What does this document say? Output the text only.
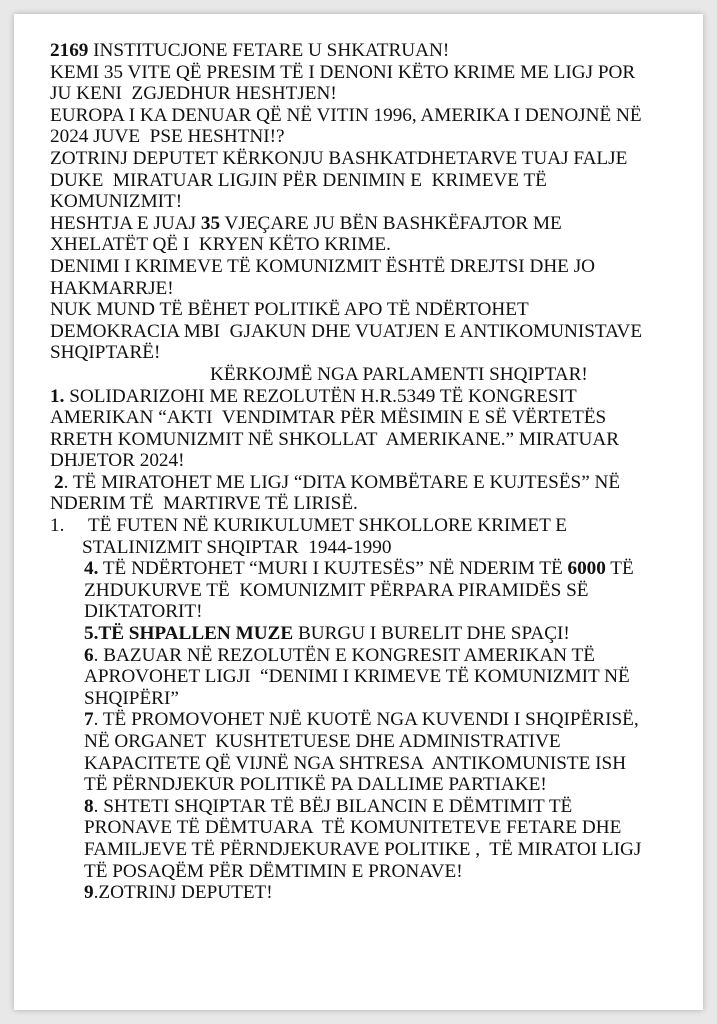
2169 INSTITUCJONE FETARE U SHKATRUAN!
KEMI 35 VITE QË PRESIM TË I DENONI KËTO KRIME ME LIGJ POR
JU KENI  ZGJEDHUR HESHTJEN!
EUROPA I KA DENUAR QË NË VITIN 1996, AMERIKA I DENOJNË NË
2024 JUVE  PSE HESHTNI!?
ZOTRINJ DEPUTET KËRKONJU BASHKATDHETARVE TUAJ FALJE
DUKE  MIRATUAR LIGJIN PËR DENIMIN E  KRIMEVE TË
KOMUNIZMIT!
HESHTJA E JUAJ 35 VJEÇARE JU BËN BASHKËFAJTOR ME
XHELATËT QË I  KRYEN KËTO KRIME.
DENIMI I KRIMEVE TË KOMUNIZMIT ËSHTË DREJTSI DHE JO
HAKMARRJE!
NUK MUND TË BËHET POLITIKË APO TË NDËRTOHET
DEMOKRACIA MBI  GJAKUN DHE VUATJEN E ANTIKOMUNISTAVE
SHQIPTARË!
KËRKOJMË NGA PARLAMENTI SHQIPTAR!
1. SOLIDARIZOHI ME REZOLUTËN H.R.5349 TË KONGRESIT
AMERIKAN “AKTI  VENDIMTAR PËR MËSIMIN E SË VËRTETËS
RRETH KOMUNIZMIT NË SHKOLLAT  AMERIKANE.” MIRATUAR
DHJETOR 2024!
2. TË MIRATOHET ME LIGJ “DITA KOMBËTARE E KUJTESËS” NË
NDERIM TË  MARTIRVE TË LIRISË.
1.     TË FUTEN NË KURIKULUMET SHKOLLORE KRIMET E
STALINIZMIT SHQIPTAR  1944-1990
4. TË NDËRTOHET “MURI I KUJTESËS” NË NDERIM TË 6000 TË
ZHDUKURVE TË  KOMUNIZMIT PËRPARA PIRAMIDËS SË
DIKTATORIT!
5.TË SHPALLEN MUZE BURGU I BURELIT DHE SPAÇI!
6. BAZUAR NË REZOLUTËN E KONGRESIT AMERIKAN TË
APROVOHET LIGJI  “DENIMI I KRIMEVE TË KOMUNIZMIT NË
SHQIPËRI”
7. TË PROMOVOHET NJË KUOTË NGA KUVENDI I SHQIPËRISË,
NË ORGANET  KUSHTETUESE DHE ADMINISTRATIVE
KAPACITETE QË VIJNË NGA SHTRESA  ANTIKOMUNISTE ISH
TË PËRNDJEKUR POLITIKË PA DALLIME PARTIAKE!
8. SHTETI SHQIPTAR TË BËJ BILANCIN E DËMTIMIT TË
PRONAVE TË DËMTUARA  TË KOMUNITETEVE FETARE DHE
FAMILJEVE TË PËRNDJEKURAVE POLITIKE ,  TË MIRATOI LIGJ
TË POSAQËM PËR DËMTIMIN E PRONAVE!
9.ZOTRINJ DEPUTET!
